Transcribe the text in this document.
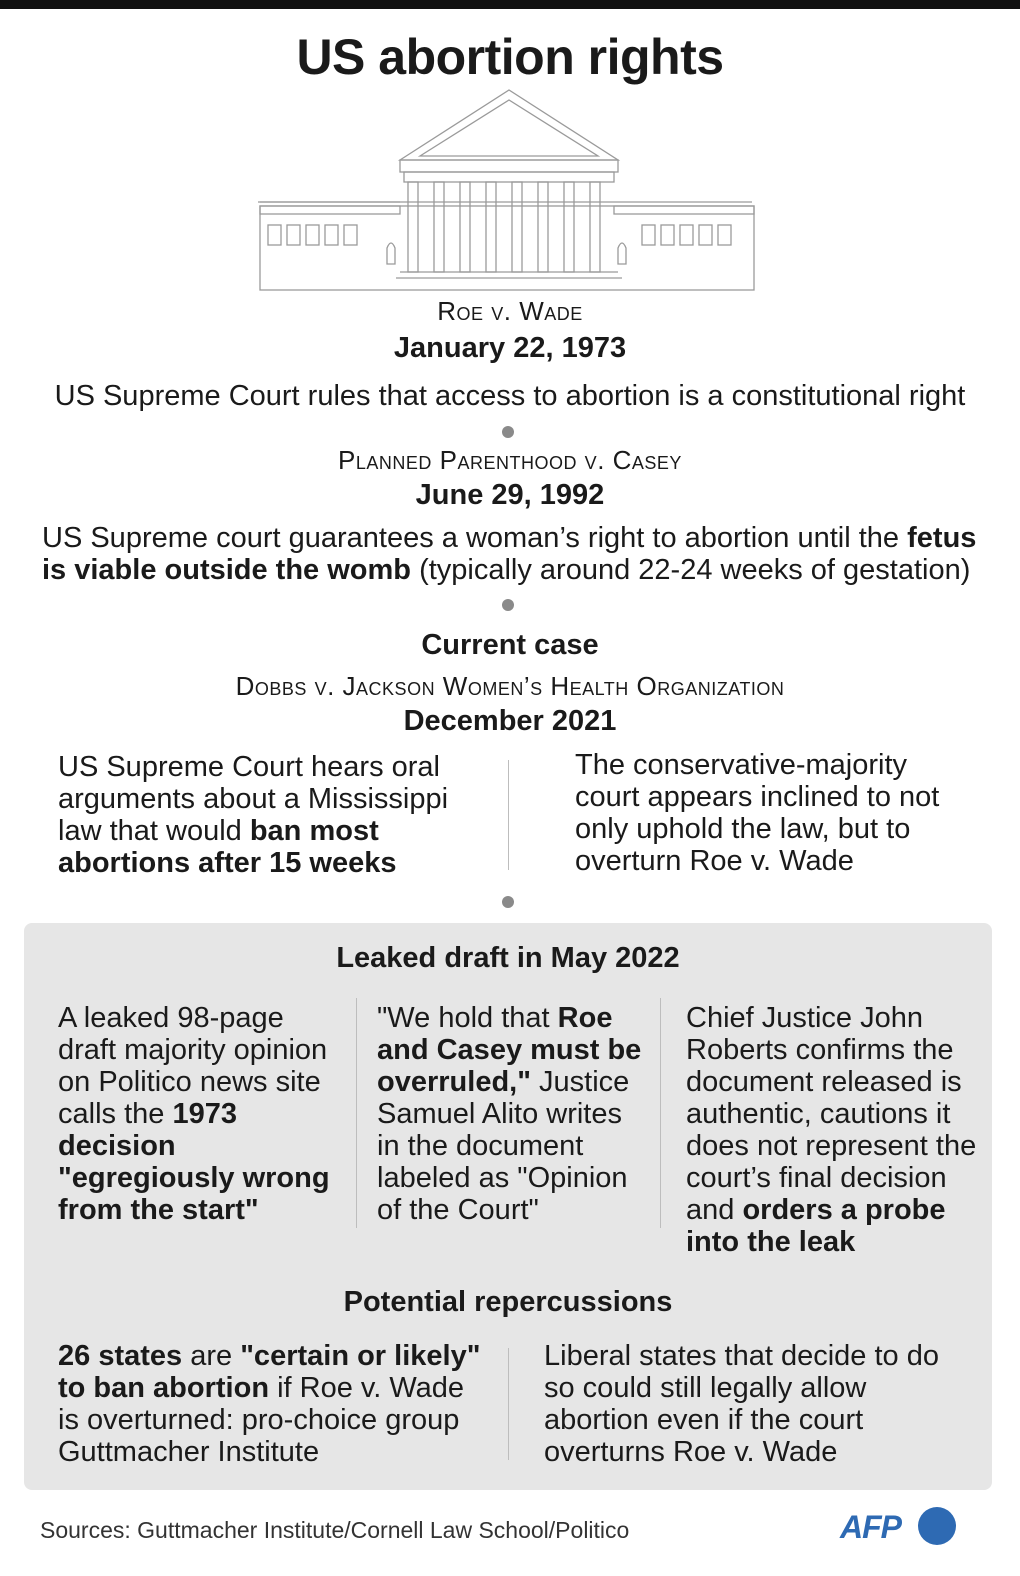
US abortion rights
Roe v. Wade
January 22, 1973
US Supreme Court rules that access to abortion is a constitutional right
Planned Parenthood v. Casey
June 29, 1992
US Supreme court guarantees a woman’s right to abortion until the fetus
is viable outside the womb (typically around 22-24 weeks of gestation)
Current case
Dobbs v. Jackson Women’s Health Organization
December 2021
US Supreme Court hears oral arguments about a Mississippi law that would ban most abortions after 15 weeks
The conservative-majority court appears inclined to not only uphold the law, but to overturn Roe v. Wade
Leaked draft in May 2022
A leaked 98-page draft majority opinion on Politico news site calls the 1973 decision "egregiously wrong from the start"
"We hold that Roe and Casey must be overruled," Justice Samuel Alito writes in the document labeled as "Opinion of the Court"
Chief Justice John Roberts confirms the document released is authentic, cautions it does not represent the court’s final decision and orders a probe into the leak
Potential repercussions
26 states are "certain or likely" to ban abortion if Roe v. Wade is overturned: pro-choice group Guttmacher Institute
Liberal states that decide to do so could still legally allow abortion even if the court overturns Roe v. Wade
Sources: Guttmacher Institute/Cornell Law School/Politico	AFP
